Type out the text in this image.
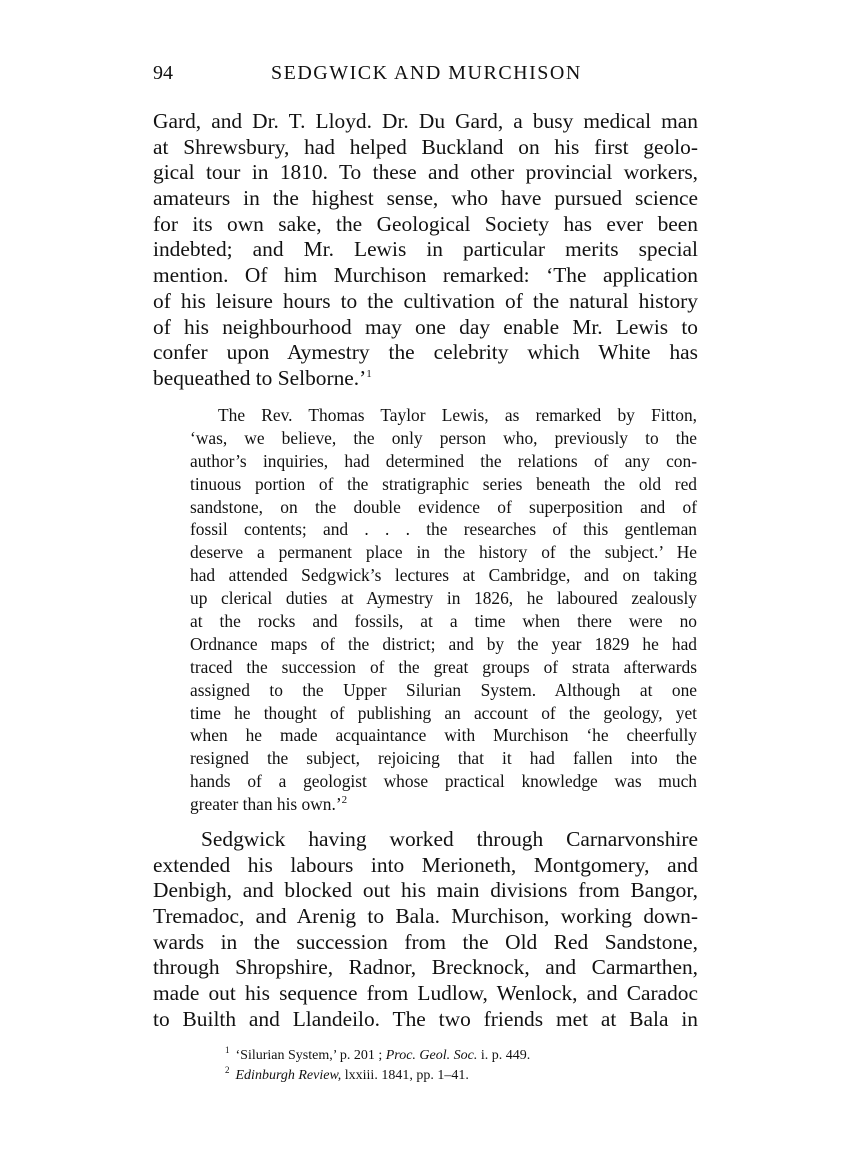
94	SEDGWICK AND MURCHISON

Gard, and Dr. T. Lloyd. Dr. Du Gard, a busy medical man
at Shrewsbury, had helped Buckland on his first geolo-
gical tour in 1810. To these and other provincial workers,
amateurs in the highest sense, who have pursued science
for its own sake, the Geological Society has ever been
indebted; and Mr. Lewis in particular merits special
mention. Of him Murchison remarked: ‘The application
of his leisure hours to the cultivation of the natural history
of his neighbourhood may one day enable Mr. Lewis to
confer upon Aymestry the celebrity which White has
bequeathed to Selborne.’$^1$

The Rev. Thomas Taylor Lewis, as remarked by Fitton,
‘was, we believe, the only person who, previously to the
author’s inquiries, had determined the relations of any con-
tinuous portion of the stratigraphic series beneath the old red
sandstone, on the double evidence of superposition and of
fossil contents; and . . . the researches of this gentleman
deserve a permanent place in the history of the subject.’ He
had attended Sedgwick’s lectures at Cambridge, and on taking
up clerical duties at Aymestry in 1826, he laboured zealously
at the rocks and fossils, at a time when there were no
Ordnance maps of the district; and by the year 1829 he had
traced the succession of the great groups of strata afterwards
assigned to the Upper Silurian System. Although at one
time he thought of publishing an account of the geology, yet
when he made acquaintance with Murchison ‘he cheerfully
resigned the subject, rejoicing that it had fallen into the
hands of a geologist whose practical knowledge was much
greater than his own.’$^2$

Sedgwick having worked through Carnarvonshire
extended his labours into Merioneth, Montgomery, and
Denbigh, and blocked out his main divisions from Bangor,
Tremadoc, and Arenig to Bala. Murchison, working down-
wards in the succession from the Old Red Sandstone,
through Shropshire, Radnor, Brecknock, and Carmarthen,
made out his sequence from Ludlow, Wenlock, and Caradoc
to Builth and Llandeilo. The two friends met at Bala in

$^1$ ‘Silurian System,’ p. 201 ; Proc. Geol. Soc. i. p. 449.
$^2$ Edinburgh Review, lxxiii. 1841, pp. 1–41.
